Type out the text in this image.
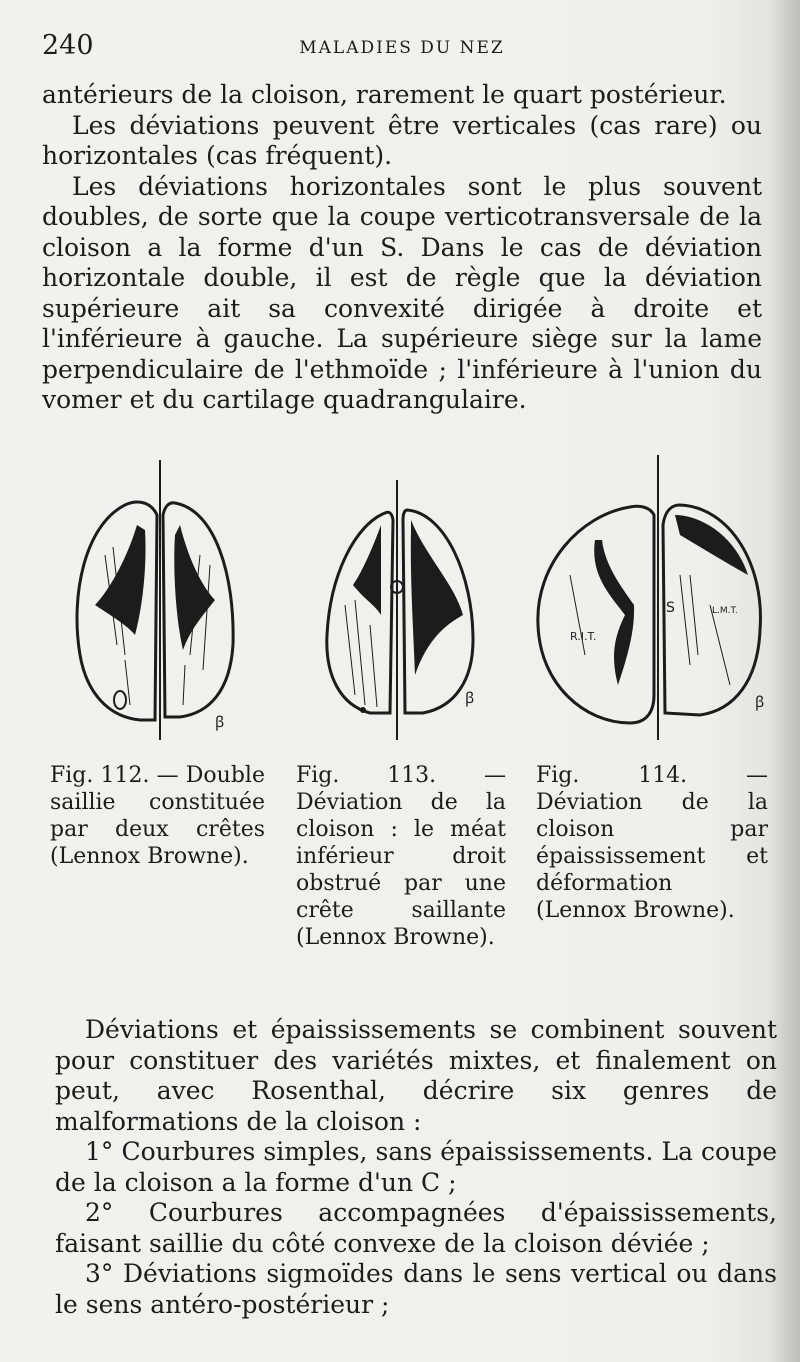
240	MALADIES DU NEZ

antérieurs de la cloison, rarement le quart postérieur.

Les déviations peuvent être verticales (cas rare) ou horizontales (cas fréquent).

Les déviations horizontales sont le plus souvent doubles, de sorte que la coupe verticotransversale de la cloison a la forme d'un S. Dans le cas de déviation horizontale double, il est de règle que la déviation supérieure ait sa convexité dirigée à droite et l'inférieure à gauche. La supérieure siège sur la lame perpendiculaire de l'ethmoïde ; l'inférieure à l'union du vomer et du cartilage quadrangulaire.

ꞵ
ꞵ
S
R.I.T.
L.M.T.
ꞵ
Fig. 112. — Double saillie constituée par deux crêtes (Lennox Browne).
Fig. 113. — Déviation de la cloison : le méat inférieur droit obstrué par une crête saillante (Lennox Browne).
Fig. 114. — Déviation de la cloison par épaississement et déformation (Lennox Browne).

Déviations et épaississements se combinent souvent pour constituer des variétés mixtes, et finalement on peut, avec Rosenthal, décrire six genres de malformations de la cloison :

1° Courbures simples, sans épaississements. La coupe de la cloison a la forme d'un C ;

2° Courbures accompagnées d'épaississements, faisant saillie du côté convexe de la cloison déviée ;

3° Déviations sigmoïdes dans le sens vertical ou dans le sens antéro-postérieur ;
